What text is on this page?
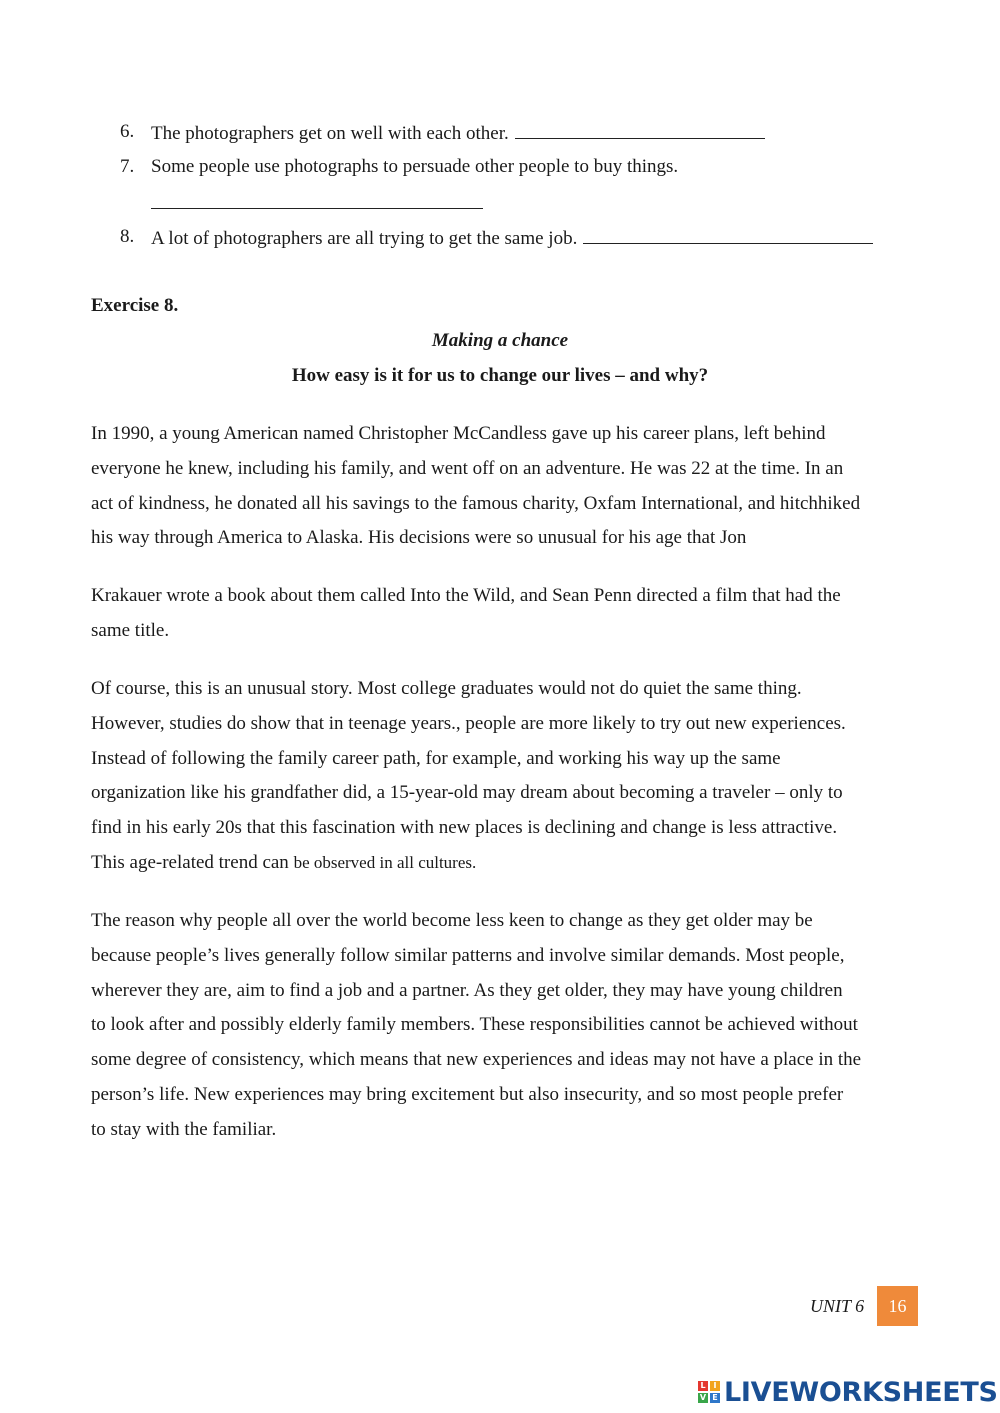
6. The photographers get on well with each other.
7. Some people use photographs to persuade other people to buy things.
8. A lot of photographers are all trying to get the same job.
Exercise 8.
Making a chance
How easy is it for us to change our lives – and why?
In 1990, a young American named Christopher McCandless gave up his career plans, left behind
everyone he knew, including his family, and went off on an adventure. He was 22 at the time. In an
act of kindness, he donated all his savings to the famous charity, Oxfam International, and hitchhiked
his way through America to Alaska. His decisions were so unusual for his age that Jon
Krakauer wrote a book about them called Into the Wild, and Sean Penn directed a film that had the
same title.
Of course, this is an unusual story. Most college graduates would not do quiet the same thing.
However, studies do show that in teenage years., people are more likely to try out new experiences.
Instead of following the family career path, for example, and working his way up the same
organization like his grandfather did, a 15-year-old may dream about becoming a traveler – only to
find in his early 20s that this fascination with new places is declining and change is less attractive.
This age-related trend can be observed in all cultures.
The reason why people all over the world become less keen to change as they get older may be
because people’s lives generally follow similar patterns and involve similar demands. Most people,
wherever they are, aim to find a job and a partner. As they get older, they may have young children
to look after and possibly elderly family members. These responsibilities cannot be achieved without
some degree of consistency, which means that new experiences and ideas may not have a place in the
person’s life. New experiences may bring excitement but also insecurity, and so most people prefer
to stay with the familiar.
UNIT 6	16
L I
V E LIVEWORKSHEETS
